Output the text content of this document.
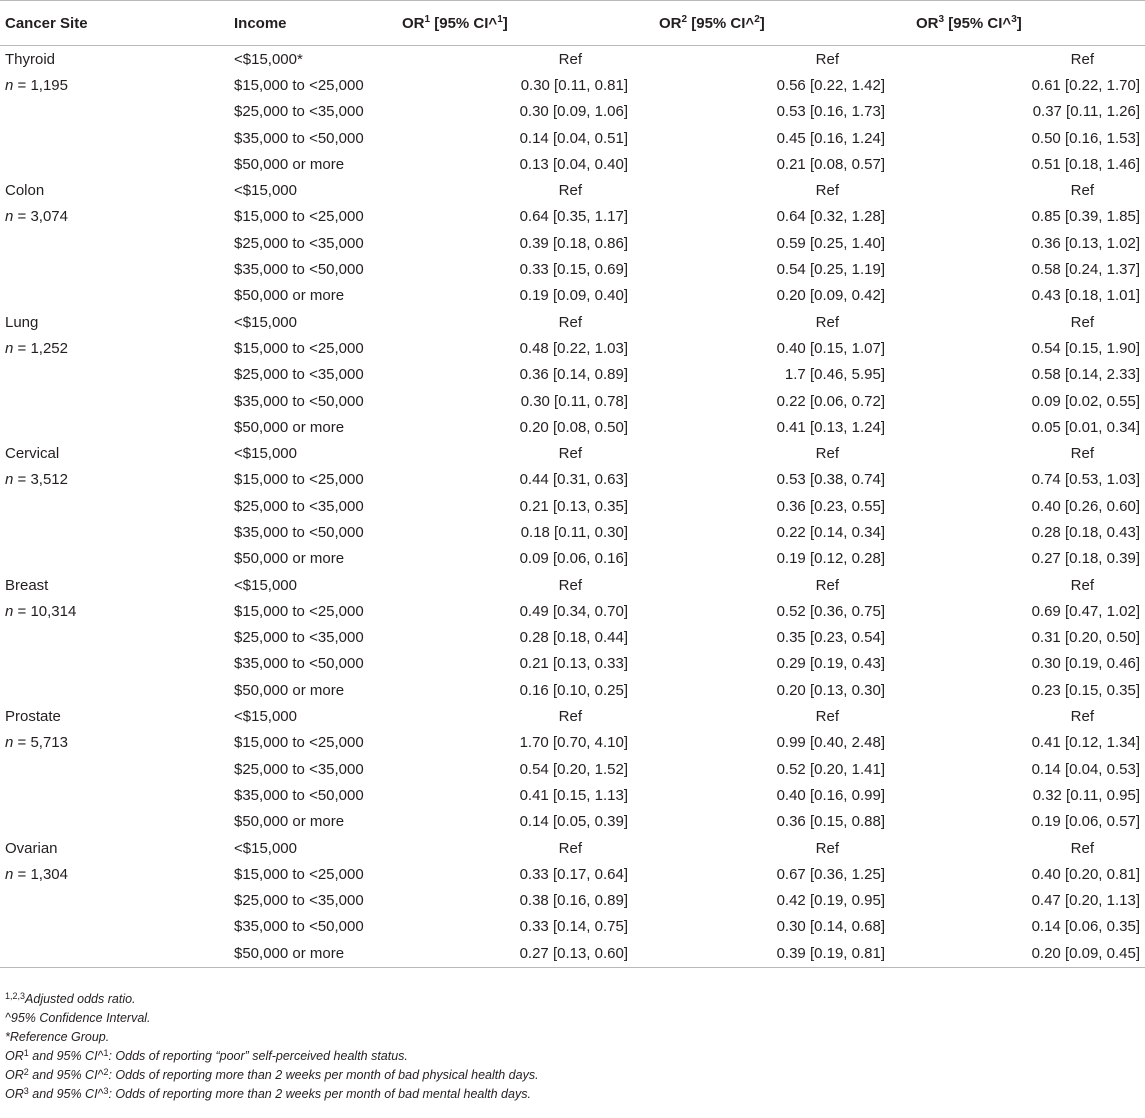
Cancer Site	Income	$OR^1$ [95% CI^$^1$]	$OR^2$ [95% CI^$^2$]	$OR^3$ [95% CI^$^3$]
Thyroid	<$15,000*	Ref	Ref	Ref
n = 1,195	$15,000 to <25,000	0.30 [0.11, 0.81]	0.56 [0.22, 1.42]	0.61 [0.22, 1.70]
	$25,000 to <35,000	0.30 [0.09, 1.06]	0.53 [0.16, 1.73]	0.37 [0.11, 1.26]
	$35,000 to <50,000	0.14 [0.04, 0.51]	0.45 [0.16, 1.24]	0.50 [0.16, 1.53]
	$50,000 or more	0.13 [0.04, 0.40]	0.21 [0.08, 0.57]	0.51 [0.18, 1.46]
Colon	<$15,000	Ref	Ref	Ref
n = 3,074	$15,000 to <25,000	0.64 [0.35, 1.17]	0.64 [0.32, 1.28]	0.85 [0.39, 1.85]
	$25,000 to <35,000	0.39 [0.18, 0.86]	0.59 [0.25, 1.40]	0.36 [0.13, 1.02]
	$35,000 to <50,000	0.33 [0.15, 0.69]	0.54 [0.25, 1.19]	0.58 [0.24, 1.37]
	$50,000 or more	0.19 [0.09, 0.40]	0.20 [0.09, 0.42]	0.43 [0.18, 1.01]
Lung	<$15,000	Ref	Ref	Ref
n = 1,252	$15,000 to <25,000	0.48 [0.22, 1.03]	0.40 [0.15, 1.07]	0.54 [0.15, 1.90]
	$25,000 to <35,000	0.36 [0.14, 0.89]	1.7 [0.46, 5.95]	0.58 [0.14, 2.33]
	$35,000 to <50,000	0.30 [0.11, 0.78]	0.22 [0.06, 0.72]	0.09 [0.02, 0.55]
	$50,000 or more	0.20 [0.08, 0.50]	0.41 [0.13, 1.24]	0.05 [0.01, 0.34]
Cervical	<$15,000	Ref	Ref	Ref
n = 3,512	$15,000 to <25,000	0.44 [0.31, 0.63]	0.53 [0.38, 0.74]	0.74 [0.53, 1.03]
	$25,000 to <35,000	0.21 [0.13, 0.35]	0.36 [0.23, 0.55]	0.40 [0.26, 0.60]
	$35,000 to <50,000	0.18 [0.11, 0.30]	0.22 [0.14, 0.34]	0.28 [0.18, 0.43]
	$50,000 or more	0.09 [0.06, 0.16]	0.19 [0.12, 0.28]	0.27 [0.18, 0.39]
Breast	<$15,000	Ref	Ref	Ref
n = 10,314	$15,000 to <25,000	0.49 [0.34, 0.70]	0.52 [0.36, 0.75]	0.69 [0.47, 1.02]
	$25,000 to <35,000	0.28 [0.18, 0.44]	0.35 [0.23, 0.54]	0.31 [0.20, 0.50]
	$35,000 to <50,000	0.21 [0.13, 0.33]	0.29 [0.19, 0.43]	0.30 [0.19, 0.46]
	$50,000 or more	0.16 [0.10, 0.25]	0.20 [0.13, 0.30]	0.23 [0.15, 0.35]
Prostate	<$15,000	Ref	Ref	Ref
n = 5,713	$15,000 to <25,000	1.70 [0.70, 4.10]	0.99 [0.40, 2.48]	0.41 [0.12, 1.34]
	$25,000 to <35,000	0.54 [0.20, 1.52]	0.52 [0.20, 1.41]	0.14 [0.04, 0.53]
	$35,000 to <50,000	0.41 [0.15, 1.13]	0.40 [0.16, 0.99]	0.32 [0.11, 0.95]
	$50,000 or more	0.14 [0.05, 0.39]	0.36 [0.15, 0.88]	0.19 [0.06, 0.57]
Ovarian	<$15,000	Ref	Ref	Ref
n = 1,304	$15,000 to <25,000	0.33 [0.17, 0.64]	0.67 [0.36, 1.25]	0.40 [0.20, 0.81]
	$25,000 to <35,000	0.38 [0.16, 0.89]	0.42 [0.19, 0.95]	0.47 [0.20, 1.13]
	$35,000 to <50,000	0.33 [0.14, 0.75]	0.30 [0.14, 0.68]	0.14 [0.06, 0.35]
	$50,000 or more	0.27 [0.13, 0.60]	0.39 [0.19, 0.81]	0.20 [0.09, 0.45]
$^{1,2,3}$Adjusted odds ratio.
^95% Confidence Interval.
*Reference Group.
$OR^1$ and 95% CI^$^1$: Odds of reporting “poor” self-perceived health status.
$OR^2$ and 95% CI^$^2$: Odds of reporting more than 2 weeks per month of bad physical health days.
$OR^3$ and 95% CI^$^3$: Odds of reporting more than 2 weeks per month of bad mental health days.
